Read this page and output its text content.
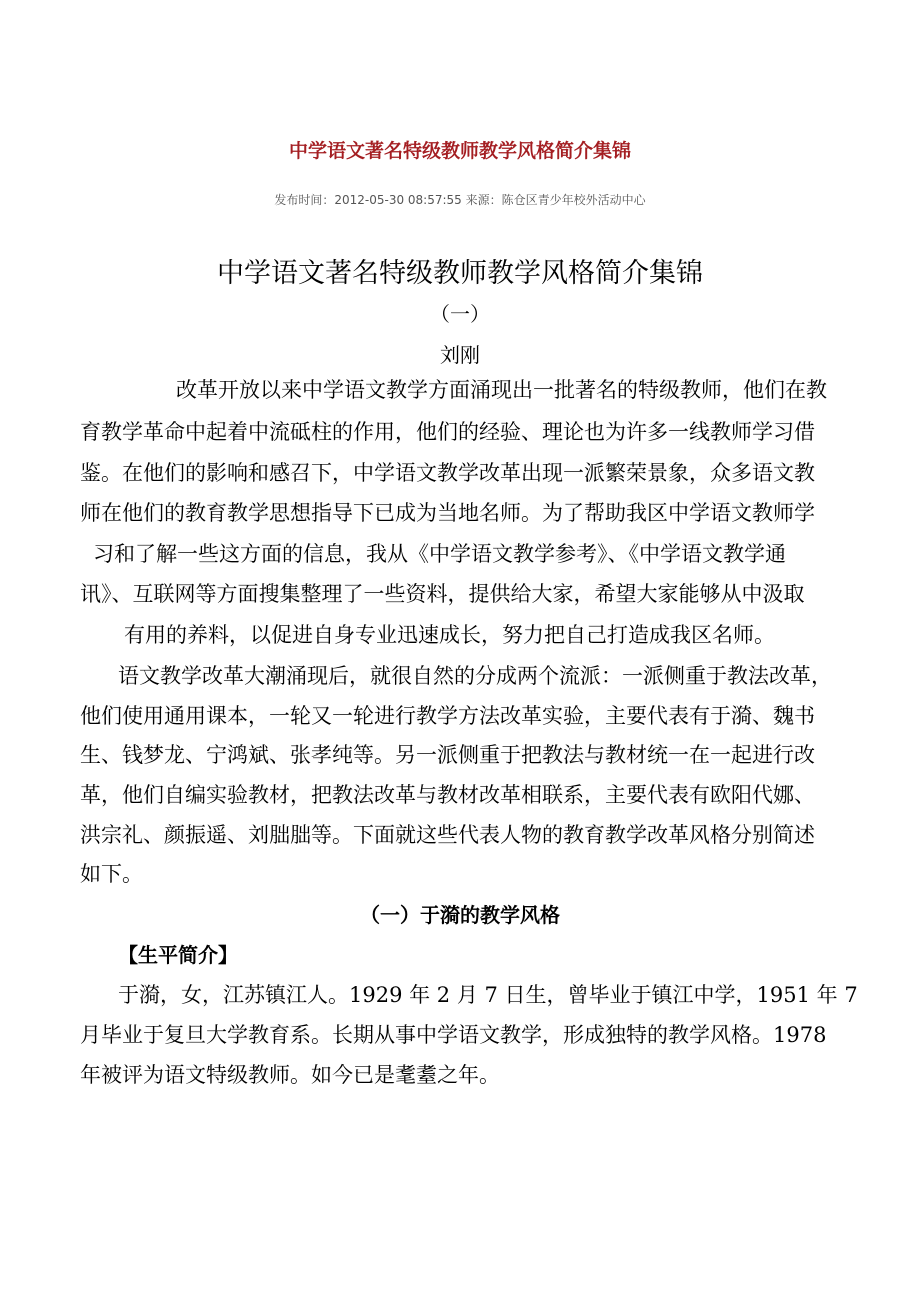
中学语文著名特级教师教学风格简介集锦
发布时间：2012-05-30 08:57:55 来源：陈仓区青少年校外活动中心
中学语文著名特级教师教学风格简介集锦
（一）
刘刚
改革开放以来中学语文教学方面涌现出一批著名的特级教师，他们在教
育教学革命中起着中流砥柱的作用，他们的经验、理论也为许多一线教师学习借
鉴。在他们的影响和感召下，中学语文教学改革出现一派繁荣景象，众多语文教
师在他们的教育教学思想指导下已成为当地名师。为了帮助我区中学语文教师学
习和了解一些这方面的信息，我从《中学语文教学参考》、《中学语文教学通
讯》、互联网等方面搜集整理了一些资料，提供给大家，希望大家能够从中汲取
有用的养料，以促进自身专业迅速成长，努力把自己打造成我区名师。
语文教学改革大潮涌现后，就很自然的分成两个流派：一派侧重于教法改革，
他们使用通用课本，一轮又一轮进行教学方法改革实验，主要代表有于漪、魏书
生、钱梦龙、宁鸿斌、张孝纯等。另一派侧重于把教法与教材统一在一起进行改
革，他们自编实验教材，把教法改革与教材改革相联系，主要代表有欧阳代娜、
洪宗礼、颜振遥、刘朏朏等。下面就这些代表人物的教育教学改革风格分别简述
如下。
（一）于漪的教学风格
【生平简介】
于漪，女，江苏镇江人。1929 年 2 月 7 日生，曾毕业于镇江中学，1951 年 7
月毕业于复旦大学教育系。长期从事中学语文教学，形成独特的教学风格。1978
年被评为语文特级教师。如今已是耄耋之年。
